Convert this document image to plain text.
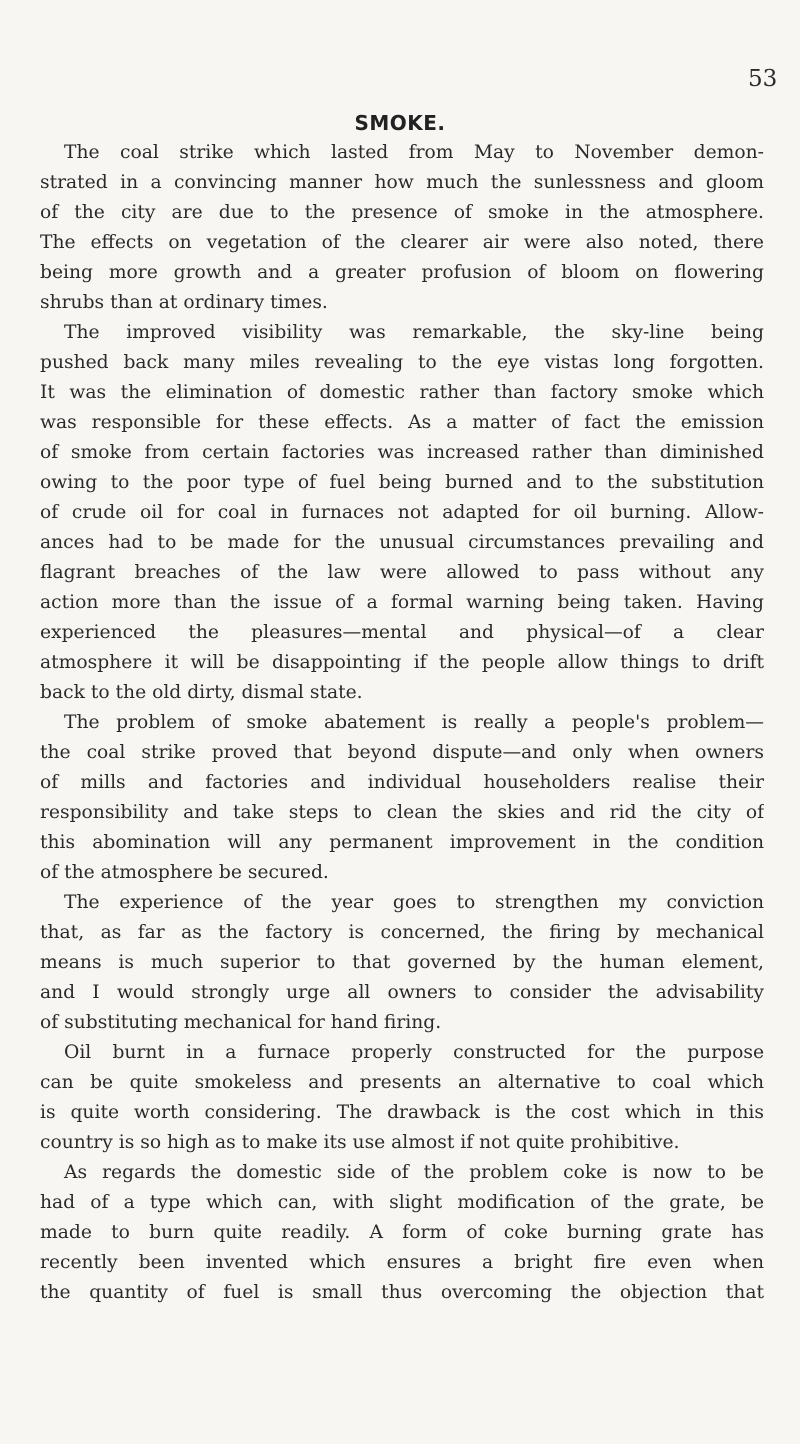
53
SMOKE.
The coal strike which lasted from May to November demon-
strated in a convincing manner how much the sunlessness and gloom
of the city are due to the presence of smoke in the atmosphere.
The effects on vegetation of the clearer air were also noted, there
being more growth and a greater profusion of bloom on flowering
shrubs than at ordinary times.
The improved visibility was remarkable, the sky-line being
pushed back many miles revealing to the eye vistas long forgotten.
It was the elimination of domestic rather than factory smoke which
was responsible for these effects. As a matter of fact the emission
of smoke from certain factories was increased rather than diminished
owing to the poor type of fuel being burned and to the substitution
of crude oil for coal in furnaces not adapted for oil burning. Allow-
ances had to be made for the unusual circumstances prevailing and
flagrant breaches of the law were allowed to pass without any
action more than the issue of a formal warning being taken. Having
experienced the pleasures—mental and physical—of a clear
atmosphere it will be disappointing if the people allow things to drift
back to the old dirty, dismal state.
The problem of smoke abatement is really a people's problem—
the coal strike proved that beyond dispute—and only when owners
of mills and factories and individual householders realise their
responsibility and take steps to clean the skies and rid the city of
this abomination will any permanent improvement in the condition
of the atmosphere be secured.
The experience of the year goes to strengthen my conviction
that, as far as the factory is concerned, the firing by mechanical
means is much superior to that governed by the human element,
and I would strongly urge all owners to consider the advisability
of substituting mechanical for hand firing.
Oil burnt in a furnace properly constructed for the purpose
can be quite smokeless and presents an alternative to coal which
is quite worth considering. The drawback is the cost which in this
country is so high as to make its use almost if not quite prohibitive.
As regards the domestic side of the problem coke is now to be
had of a type which can, with slight modification of the grate, be
made to burn quite readily. A form of coke burning grate has
recently been invented which ensures a bright fire even when
the quantity of fuel is small thus overcoming the objection that
